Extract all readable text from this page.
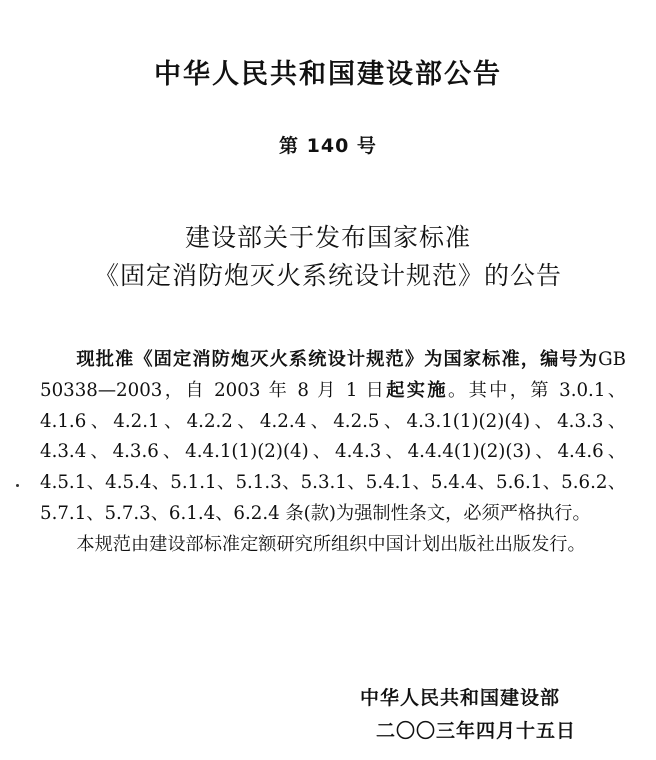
中华人民共和国建设部公告
第 140 号
建设部关于发布国家标准
《固定消防炮灭火系统设计规范》的公告

现批准《固定消防炮灭火系统设计规范》为国家标准，编号为GB 50338—2003，自 2003 年 8 月 1 日起实施。其中，第 3.0.1、4.1.6、4.2.1、4.2.2、4.2.4、4.2.5、4.3.1(1)(2)(4)、4.3.3、4.3.4、4.3.6、4.4.1(1)(2)(4)、4.4.3、4.4.4(1)(2)(3)、4.4.6、4.5.1、4.5.4、5.1.1、5.1.3、5.3.1、5.4.1、5.4.4、5.6.1、5.6.2、5.7.1、5.7.3、6.1.4、6.2.4 条(款)为强制性条文，必须严格执行。

本规范由建设部标准定额研究所组织中国计划出版社出版发行。

中华人民共和国建设部
二〇〇三年四月十五日
